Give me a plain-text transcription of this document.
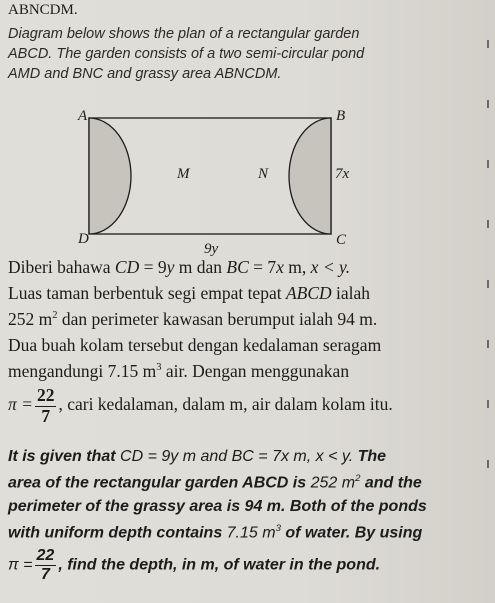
ABNCDM.
Diagram below shows the plan of a rectangular garden
ABCD. The garden consists of a two semi-circular pond
AMD and BNC and grassy area ABNCDM.
A	B
C
D
M	N	7x
9y
Diberi bahawa CD = 9y m dan BC = 7x m, x < y.
Luas taman berbentuk segi empat tepat ABCD ialah
252 $m^2$ dan perimeter kawasan berumput ialah 94 m.
Dua buah kolam tersebut dengan kedalaman seragam
mengandungi 7.15 $m^3$ air. Dengan menggunakan
$\pi = \frac{22}{7}$ , cari kedalaman, dalam m, air dalam kolam itu.
It is given that CD = 9y m and BC = 7x m, x < y. The
area of the rectangular garden ABCD is 252 $m^2$ and the
perimeter of the grassy area is 94 m. Both of the ponds
with uniform depth contains 7.15 $m^3$ of water. By using
$\pi = \frac{22}{7}$ , find the depth, in m, of water in the pond.
